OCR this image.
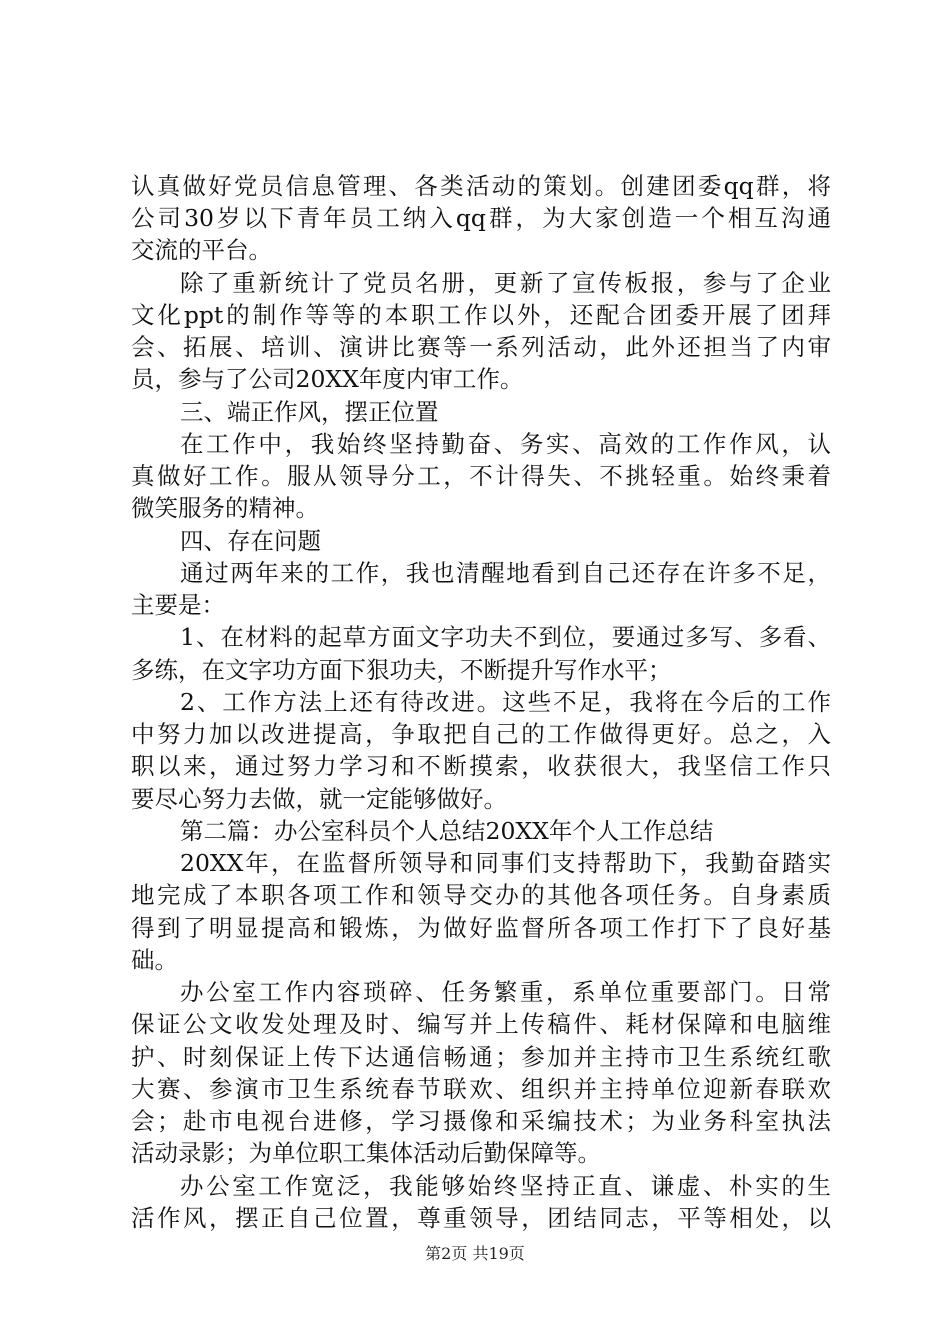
认真做好党员信息管理、各类活动的策划。创建团委qq群，将
公司30岁以下青年员工纳入qq群，为大家创造一个相互沟通
交流的平台。
除了重新统计了党员名册，更新了宣传板报，参与了企业
文化ppt的制作等等的本职工作以外，还配合团委开展了团拜
会、拓展、培训、演讲比赛等一系列活动，此外还担当了内审
员，参与了公司20XX年度内审工作。
三、端正作风，摆正位置
在工作中，我始终坚持勤奋、务实、高效的工作作风，认
真做好工作。服从领导分工，不计得失、不挑轻重。始终秉着
微笑服务的精神。
四、存在问题
通过两年来的工作，我也清醒地看到自己还存在许多不足，
主要是：
1、在材料的起草方面文字功夫不到位，要通过多写、多看、
多练，在文字功方面下狠功夫，不断提升写作水平；
2、工作方法上还有待改进。这些不足，我将在今后的工作
中努力加以改进提高，争取把自己的工作做得更好。总之，入
职以来，通过努力学习和不断摸索，收获很大，我坚信工作只
要尽心努力去做，就一定能够做好。
第二篇：办公室科员个人总结20XX年个人工作总结
20XX年，在监督所领导和同事们支持帮助下，我勤奋踏实
地完成了本职各项工作和领导交办的其他各项任务。自身素质
得到了明显提高和锻炼，为做好监督所各项工作打下了良好基
础。
办公室工作内容琐碎、任务繁重，系单位重要部门。日常
保证公文收发处理及时、编写并上传稿件、耗材保障和电脑维
护、时刻保证上传下达通信畅通；参加并主持市卫生系统红歌
大赛、参演市卫生系统春节联欢、组织并主持单位迎新春联欢
会；赴市电视台进修，学习摄像和采编技术；为业务科室执法
活动录影；为单位职工集体活动后勤保障等。
办公室工作宽泛，我能够始终坚持正直、谦虚、朴实的生
活作风，摆正自己位置，尊重领导，团结同志，平等相处，以
第2页 共19页
